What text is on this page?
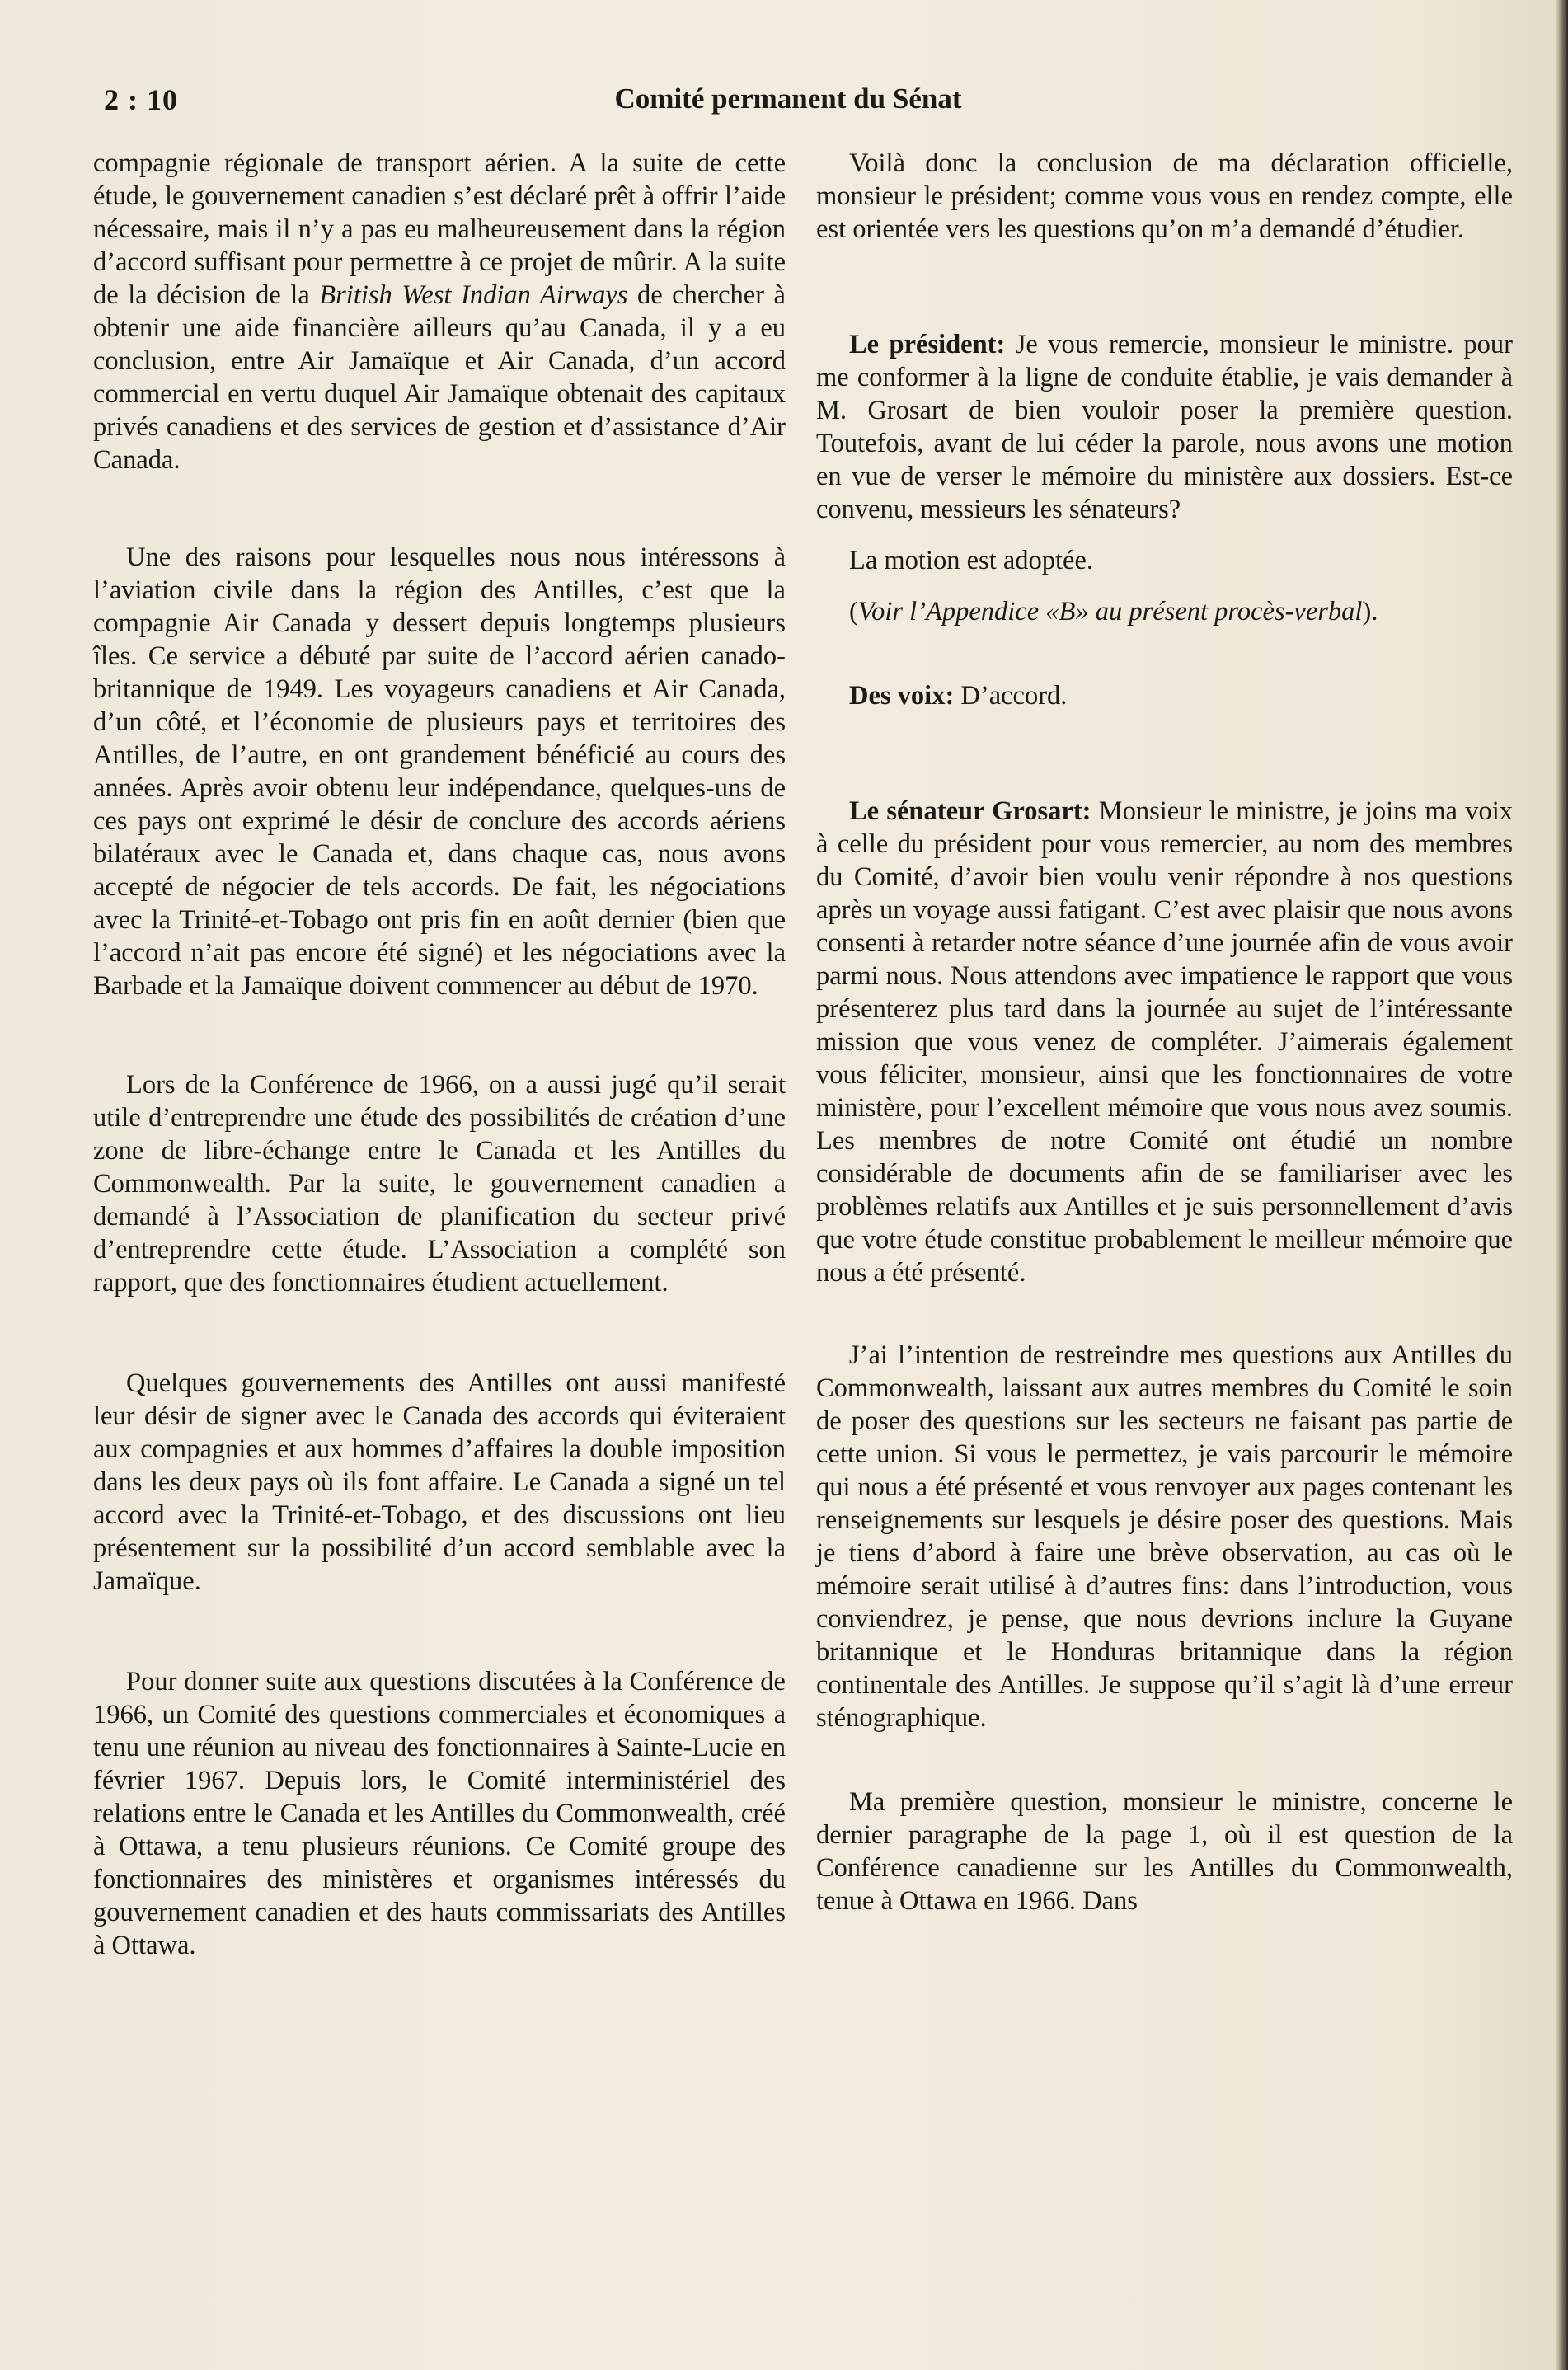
2 : 10	Comité permanent du Sénat

compagnie régionale de transport aérien. A la suite de cette étude, le gouvernement canadien s’est déclaré prêt à offrir l’aide nécessaire, mais il n’y a pas eu malheureusement dans la région d’accord suffisant pour permettre à ce projet de mûrir. A la suite de la décision de la British West Indian Airways de chercher à obtenir une aide financière ailleurs qu’au Canada, il y a eu conclusion, entre Air Jamaïque et Air Canada, d’un accord commercial en vertu duquel Air Jamaïque obtenait des capitaux privés canadiens et des services de gestion et d’assistance d’Air Canada.

Une des raisons pour lesquelles nous nous intéressons à l’aviation civile dans la région des Antilles, c’est que la compagnie Air Canada y dessert depuis longtemps plusieurs îles. Ce service a débuté par suite de l’accord aérien canado-britannique de 1949. Les voyageurs canadiens et Air Canada, d’un côté, et l’économie de plusieurs pays et territoires des Antilles, de l’autre, en ont grandement bénéficié au cours des années. Après avoir obtenu leur indépendance, quelques-uns de ces pays ont exprimé le désir de conclure des accords aériens bilatéraux avec le Canada et, dans chaque cas, nous avons accepté de négocier de tels accords. De fait, les négociations avec la Trinité-et-Tobago ont pris fin en août dernier (bien que l’accord n’ait pas encore été signé) et les négociations avec la Barbade et la Jamaïque doivent commencer au début de 1970.

Lors de la Conférence de 1966, on a aussi jugé qu’il serait utile d’entreprendre une étude des possibilités de création d’une zone de libre-échange entre le Canada et les Antilles du Commonwealth. Par la suite, le gouvernement canadien a demandé à l’Association de planification du secteur privé d’entreprendre cette étude. L’Association a complété son rapport, que des fonctionnaires étudient actuellement.

Quelques gouvernements des Antilles ont aussi manifesté leur désir de signer avec le Canada des accords qui éviteraient aux compagnies et aux hommes d’affaires la double imposition dans les deux pays où ils font affaire. Le Canada a signé un tel accord avec la Trinité-et-Tobago, et des discussions ont lieu présentement sur la possibilité d’un accord semblable avec la Jamaïque.

Pour donner suite aux questions discutées à la Conférence de 1966, un Comité des questions commerciales et économiques a tenu une réunion au niveau des fonctionnaires à Sainte-Lucie en février 1967. Depuis lors, le Comité interministériel des relations entre le Canada et les Antilles du Commonwealth, créé à Ottawa, a tenu plusieurs réunions. Ce Comité groupe des fonctionnaires des ministères et organismes intéressés du gouvernement canadien et des hauts commissariats des Antilles à Ottawa.

Voilà donc la conclusion de ma déclaration officielle, monsieur le président; comme vous vous en rendez compte, elle est orientée vers les questions qu’on m’a demandé d’étudier.

Le président: Je vous remercie, monsieur le ministre. pour me conformer à la ligne de conduite établie, je vais demander à M. Grosart de bien vouloir poser la première question. Toutefois, avant de lui céder la parole, nous avons une motion en vue de verser le mémoire du ministère aux dossiers. Est-ce convenu, messieurs les sénateurs?

La motion est adoptée.

(Voir l’Appendice «B» au présent procès-verbal).

Des voix: D’accord.

Le sénateur Grosart: Monsieur le ministre, je joins ma voix à celle du président pour vous remercier, au nom des membres du Comité, d’avoir bien voulu venir répondre à nos questions après un voyage aussi fatigant. C’est avec plaisir que nous avons consenti à retarder notre séance d’une journée afin de vous avoir parmi nous. Nous attendons avec impatience le rapport que vous présenterez plus tard dans la journée au sujet de l’intéressante mission que vous venez de compléter. J’aimerais également vous féliciter, monsieur, ainsi que les fonctionnaires de votre ministère, pour l’excellent mémoire que vous nous avez soumis. Les membres de notre Comité ont étudié un nombre considérable de documents afin de se familiariser avec les problèmes relatifs aux Antilles et je suis personnellement d’avis que votre étude constitue probablement le meilleur mémoire que nous a été présenté.

J’ai l’intention de restreindre mes questions aux Antilles du Commonwealth, laissant aux autres membres du Comité le soin de poser des questions sur les secteurs ne faisant pas partie de cette union. Si vous le permettez, je vais parcourir le mémoire qui nous a été présenté et vous renvoyer aux pages contenant les renseignements sur lesquels je désire poser des questions. Mais je tiens d’abord à faire une brève observation, au cas où le mémoire serait utilisé à d’autres fins: dans l’introduction, vous conviendrez, je pense, que nous devrions inclure la Guyane britannique et le Honduras britannique dans la région continentale des Antilles. Je suppose qu’il s’agit là d’une erreur sténographique.

Ma première question, monsieur le ministre, concerne le dernier paragraphe de la page 1, où il est question de la Conférence canadienne sur les Antilles du Commonwealth, tenue à Ottawa en 1966. Dans
